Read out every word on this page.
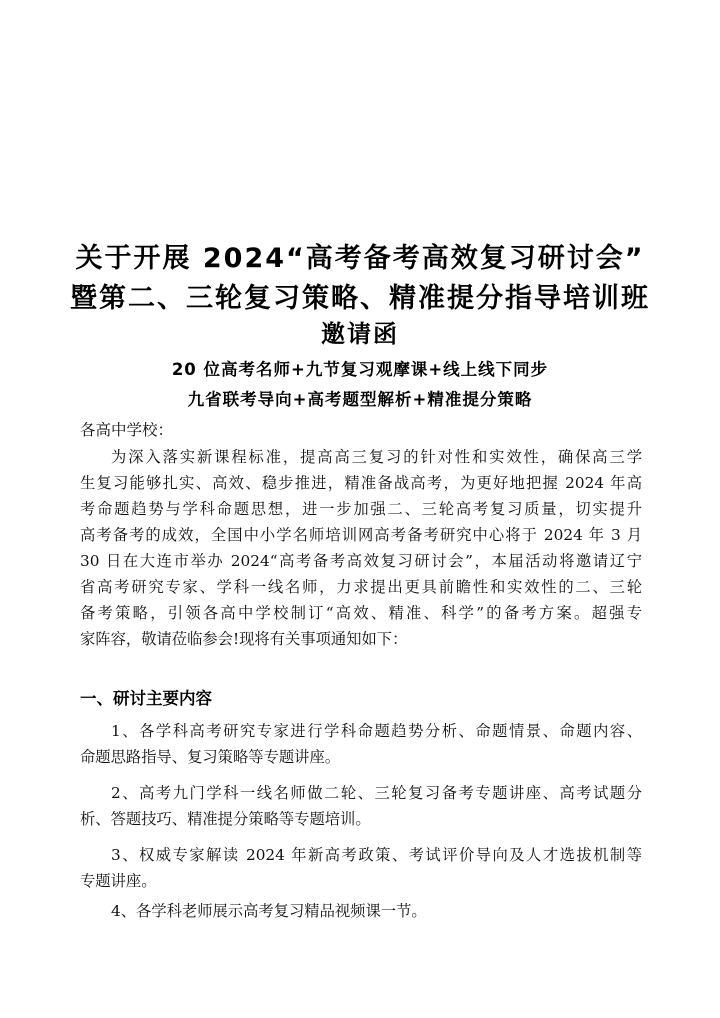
关于开展 2024“高考备考高效复习研讨会”
暨第二、三轮复习策略、精准提分指导培训班
邀请函
20 位高考名师+九节复习观摩课+线上线下同步
九省联考导向+高考题型解析+精准提分策略
各高中学校：
为深入落实新课程标准，提高高三复习的针对性和实效性，确保高三学
生复习能够扎实、高效、稳步推进，精准备战高考，为更好地把握 2024 年高
考命题趋势与学科命题思想，进一步加强二、三轮高考复习质量，切实提升
高考备考的成效，全国中小学名师培训网高考备考研究中心将于 2024 年 3 月
30 日在大连市举办 2024“高考备考高效复习研讨会”，本届活动将邀请辽宁
省高考研究专家、学科一线名师，力求提出更具前瞻性和实效性的二、三轮
备考策略，引领各高中学校制订“高效、精准、科学”的备考方案。超强专
家阵容，敬请莅临参会!现将有关事项通知如下：
一、研讨主要内容
1、各学科高考研究专家进行学科命题趋势分析、命题情景、命题内容、
命题思路指导、复习策略等专题讲座。
2、高考九门学科一线名师做二轮、三轮复习备考专题讲座、高考试题分
析、答题技巧、精准提分策略等专题培训。
3、权威专家解读 2024 年新高考政策、考试评价导向及人才选拔机制等
专题讲座。
4、各学科老师展示高考复习精品视频课一节。
